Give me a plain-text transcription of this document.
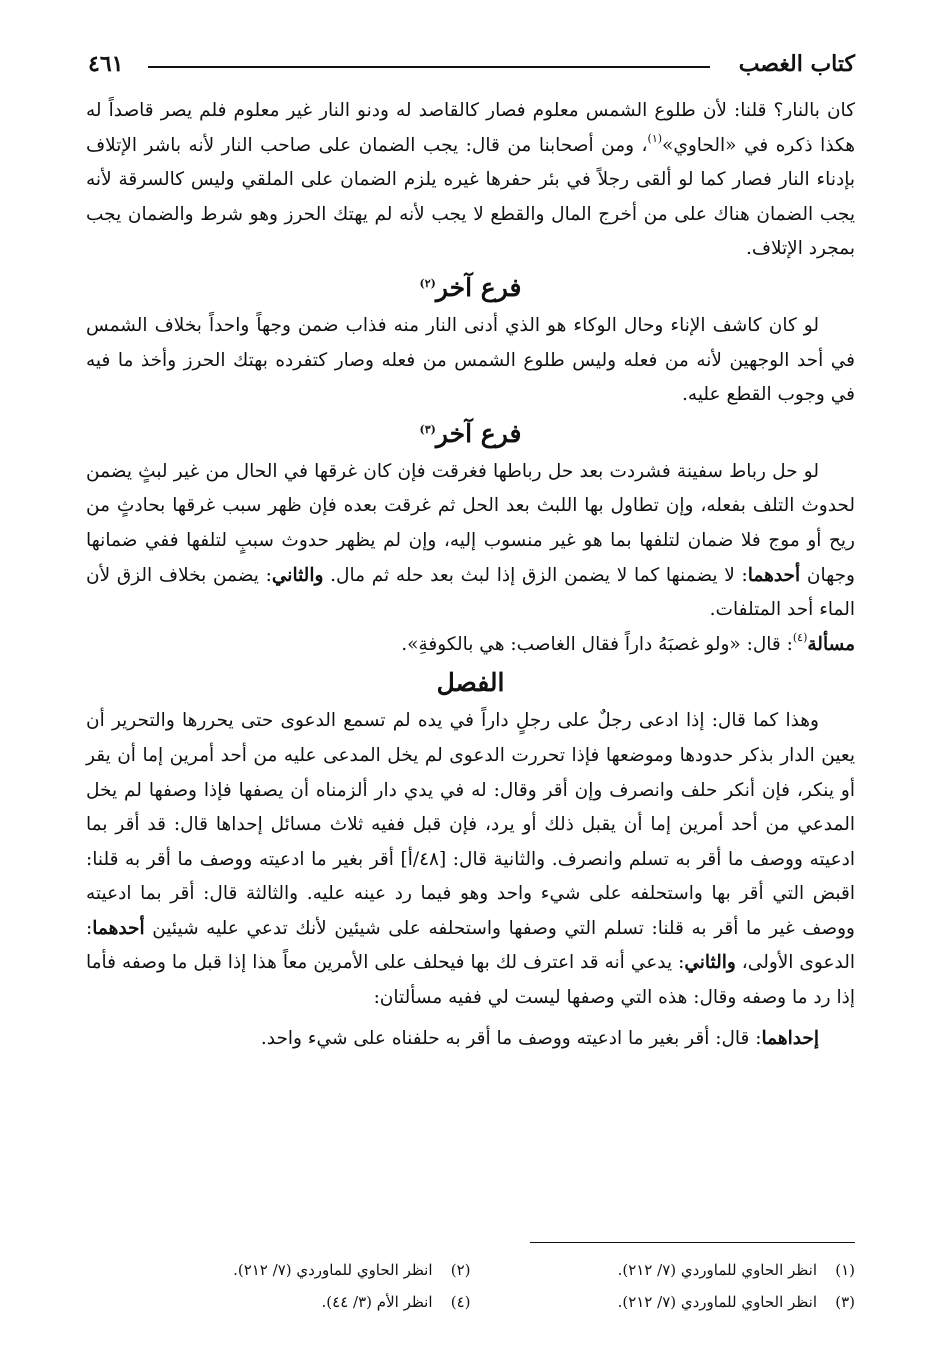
كتاب الغصب
٤٦١

كان بالنار؟ قلنا: لأن طلوع الشمس معلوم فصار كالقاصد له ودنو النار غير معلوم فلم يصر قاصداً له هكذا ذكره في «الحاوي»$^{(١)}$، ومن أصحابنا من قال: يجب الضمان على صاحب النار لأنه باشر الإتلاف بإدناء النار فصار كما لو ألقى رجلاً في بئر حفرها غيره يلزم الضمان على الملقي وليس كالسرقة لأنه يجب الضمان هناك على من أخرج المال والقطع لا يجب لأنه لم يهتك الحرز وهو شرط والضمان يجب بمجرد الإتلاف.

فرع آخر$^{(٢)}$

لو كان كاشف الإناء وحال الوكاء هو الذي أدنى النار منه فذاب ضمن وجهاً واحداً بخلاف الشمس في أحد الوجهين لأنه من فعله وليس طلوع الشمس من فعله وصار كتفرده بهتك الحرز وأخذ ما فيه في وجوب القطع عليه.

فرع آخر$^{(٣)}$

لو حل رباط سفينة فشردت بعد حل رباطها فغرقت فإن كان غرقها في الحال من غير لبثٍ يضمن لحدوث التلف بفعله، وإن تطاول بها اللبث بعد الحل ثم غرقت بعده فإن ظهر سبب غرقها بحادثٍ من ريح أو موج فلا ضمان لتلفها بما هو غير منسوب إليه، وإن لم يظهر حدوث سببٍ لتلفها ففي ضمانها وجهان أحدهما: لا يضمنها كما لا يضمن الزق إذا لبث بعد حله ثم مال. والثاني: يضمن بخلاف الزق لأن الماء أحد المتلفات.

مسألة$^{(٤)}$: قال: «ولو غصبَهُ داراً فقال الغاصب: هي بالكوفةِ».

الفصل

وهذا كما قال: إذا ادعى رجلٌ على رجلٍ داراً في يده لم تسمع الدعوى حتى يحررها والتحرير أن يعين الدار بذكر حدودها وموضعها فإذا تحررت الدعوى لم يخل المدعى عليه من أحد أمرين إما أن يقر أو ينكر، فإن أنكر حلف وانصرف وإن أقر وقال: له في يدي دار ألزمناه أن يصفها فإذا وصفها لم يخل المدعي من أحد أمرين إما أن يقبل ذلك أو يرد، فإن قبل ففيه ثلاث مسائل إحداها قال: قد أقر بما ادعيته ووصف ما أقر به تسلم وانصرف. والثانية قال: [٤٨/أ] أقر بغير ما ادعيته ووصف ما أقر به قلنا: اقبض التي أقر بها واستحلفه على شيء واحد وهو فيما رد عينه عليه. والثالثة قال: أقر بما ادعيته ووصف غير ما أقر به قلنا: تسلم التي وصفها واستحلفه على شيئين لأنك تدعي عليه شيئين أحدهما: الدعوى الأولى، والثاني: يدعي أنه قد اعترف لك بها فيحلف على الأمرين معاً هذا إذا قبل ما وصفه فأما إذا رد ما وصفه وقال: هذه التي وصفها ليست لي ففيه مسألتان:

إحداهما: قال: أقر بغير ما ادعيته ووصف ما أقر به حلفناه على شيء واحد.

(١)انظر الحاوي للماوردي (٧/ ٢١٢).
(٢)انظر الحاوي للماوردي (٧/ ٢١٢).
(٣)انظر الحاوي للماوردي (٧/ ٢١٢).
(٤)انظر الأم (٣/ ٤٤).
